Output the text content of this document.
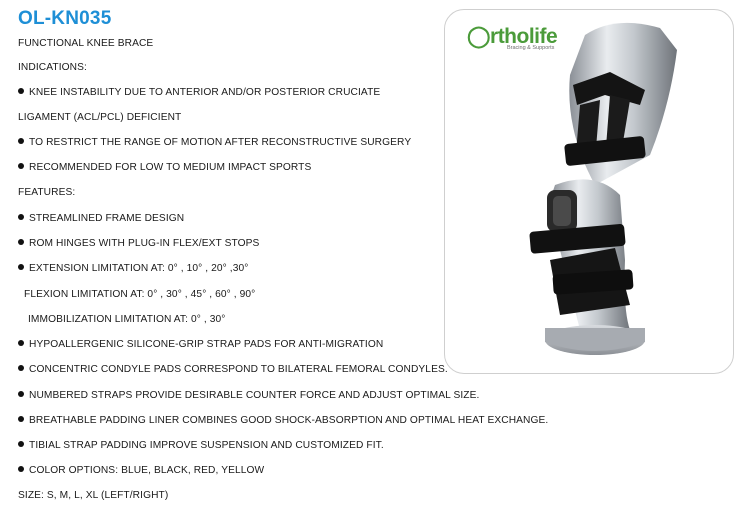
OL-KN035
FUNCTIONAL KNEE BRACE
INDICATIONS:
KNEE INSTABILITY DUE TO ANTERIOR AND/OR POSTERIOR CRUCIATE
LIGAMENT (ACL/PCL) DEFICIENT
TO RESTRICT THE RANGE OF MOTION AFTER RECONSTRUCTIVE SURGERY
RECOMMENDED FOR LOW TO MEDIUM IMPACT SPORTS
FEATURES:
STREAMLINED FRAME DESIGN
ROM HINGES WITH PLUG-IN FLEX/EXT STOPS
EXTENSION LIMITATION AT: 0° , 10° , 20° ,30°
FLEXION LIMITATION AT: 0° , 30° , 45° , 60° , 90°
IMMOBILIZATION LIMITATION AT: 0° , 30°
HYPOALLERGENIC SILICONE-GRIP STRAP PADS FOR ANTI-MIGRATION
CONCENTRIC CONDYLE PADS CORRESPOND TO BILATERAL FEMORAL CONDYLES.
NUMBERED STRAPS PROVIDE DESIRABLE COUNTER FORCE AND ADJUST OPTIMAL SIZE.
BREATHABLE PADDING LINER COMBINES GOOD SHOCK-ABSORPTION AND OPTIMAL HEAT EXCHANGE.
TIBIAL STRAP PADDING IMPROVE SUSPENSION AND CUSTOMIZED FIT.
COLOR OPTIONS: BLUE, BLACK, RED, YELLOW
SIZE: S, M, L, XL (LEFT/RIGHT)
◯rtholife
Bracing & Supports
